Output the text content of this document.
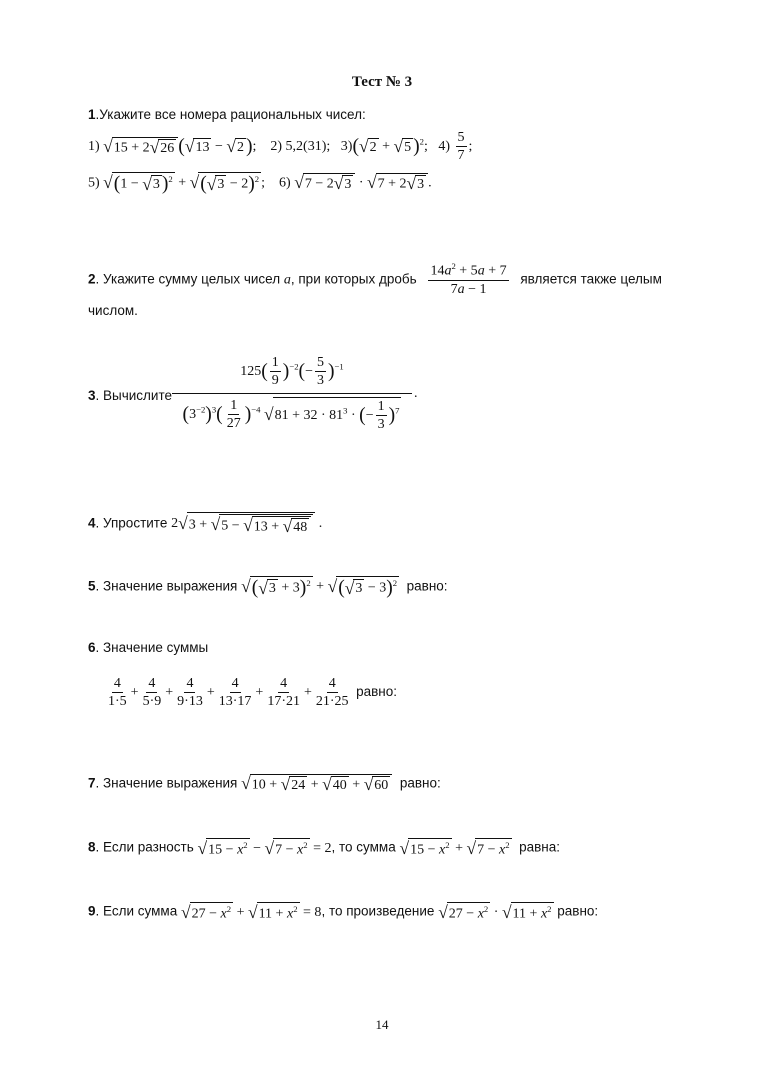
Тест № 3
1.Укажите все номера рациональных чисел:
1) √ 15 + 2 √ 26 ( √ 13 − √ 2 );    2) 5,2(31); 3)( √ 2 + √ 5 )$^2$;   $4) \frac{5}{7}$ ;
5) √ (1 − √ 3 )$^2$ + √ ( √ 3 − 2)$^2$ ;    6) √ 7 − 2 √ 3 · √ 7 + 2 √ 3 .
2. Укажите сумму целых чисел a, при которых дробь $\frac{14a^2 + 5a + 7}{7a - 1}$ является также целым
числом.
3. Вычислите
$125( \frac{1}{9} )^{-2}(- \frac{5}{3} )^{-1}$
$(3^{-2})^3( \frac{1}{27} )^{-4}$ √ $81 + 32 \cdot 81^3$ · (− $\frac{1}{3} )^7$
.
4. Упростите 2 √ 3 + √ 5 − √ 13 + √ 48 .
5. Значение выражения √ ( √ 3 + 3)$^2$ + √ ( √ 3 − 3)$^2$ равно:
6. Значение суммы
$\frac{4}{1\cdot 5} + \frac{4}{5\cdot 9} + \frac{4}{9\cdot 13} + \frac{4}{13\cdot 17} + \frac{4}{17\cdot 21} + \frac{4}{21\cdot 25}$ равно:
7. Значение выражения √ 10 + √ 24 + √ 40 + √ 60 равно:
8. Если разность √ $15 - x^2$ − √ $7 - x^2 = 2$, то сумма √ $15 - x^2$ + √ $7 - x^2$ равна:
9. Если сумма √ $27 - x^2$ + √ $11 + x^2 = 8$, то произведение √ $27 - x^2$ · √ $11 + x^2$ равно:
14
